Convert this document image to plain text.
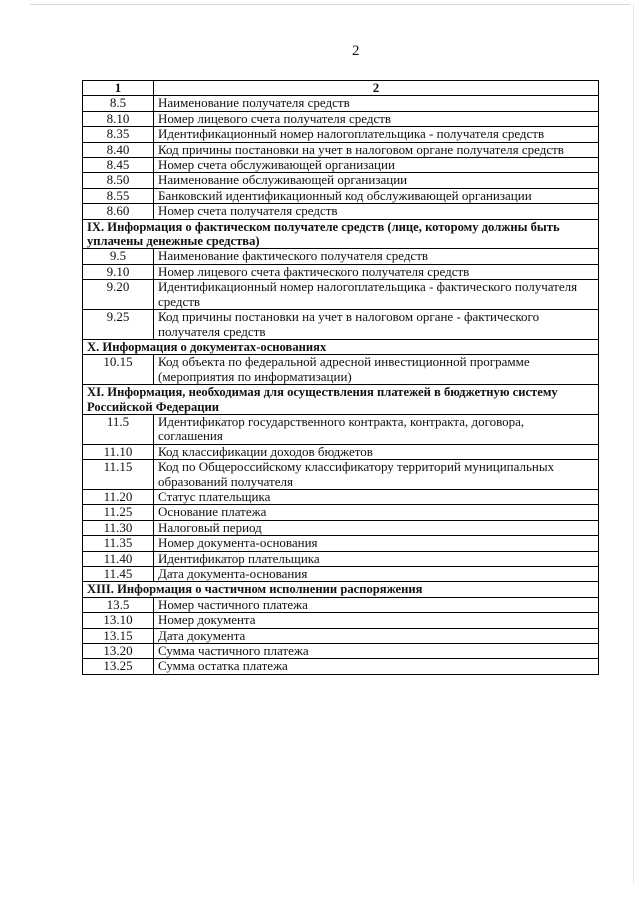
2
1	2
8.5	Наименование получателя средств

8.10	Номер лицевого счета получателя средств

8.35	Идентификационный номер налогоплательщика - получателя средств

8.40	Код причины постановки на учет в налоговом органе получателя средств

8.45	Номер счета обслуживающей организации

8.50	Наименование обслуживающей организации

8.55	Банковский идентификационный код обслуживающей организации

8.60	Номер счета получателя средств

IX. Информация о фактическом получателе средств (лице, которому должны быть
уплачены денежные средства)	

9.5	Наименование фактического получателя средств

9.10	Номер лицевого счета фактического получателя средств

9.20	Идентификационный номер налогоплательщика - фактического получателя
средств

9.25	Код причины постановки на учет в налоговом органе - фактического
получателя средств

X. Информация о документах-основаниях	

10.15	Код объекта по федеральной адресной инвестиционной программе
(мероприятия по информатизации)

XI. Информация, необходимая для осуществления платежей в бюджетную систему
Российской Федерации	

11.5	Идентификатор государственного контракта, контракта, договора,
соглашения

11.10	Код классификации доходов бюджетов

11.15	Код по Общероссийскому классификатору территорий муниципальных
образований получателя

11.20	Статус плательщика

11.25	Основание платежа

11.30	Налоговый период

11.35	Номер документа-основания

11.40	Идентификатор плательщика

11.45	Дата документа-основания

XIII. Информация о частичном исполнении распоряжения	

13.5	Номер частичного платежа

13.10	Номер документа

13.15	Дата документа

13.20	Сумма частичного платежа

13.25	Сумма остатка платежа
